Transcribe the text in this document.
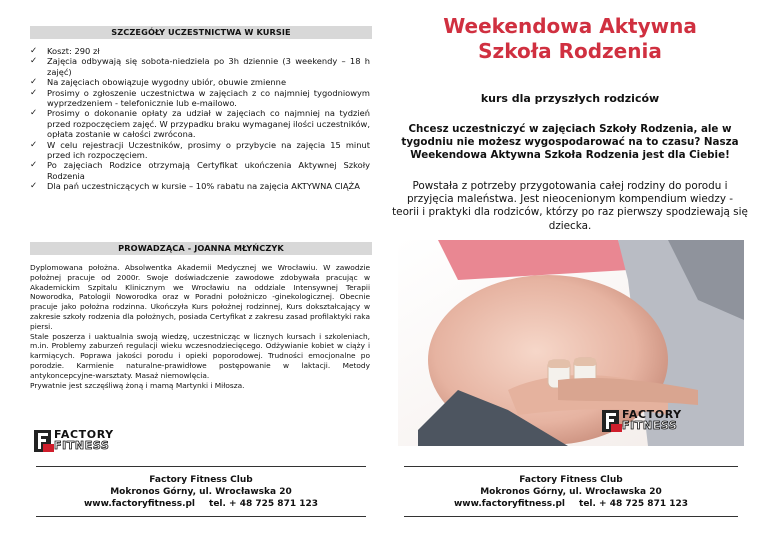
SZCZEGÓŁY UCZESTNICTWA W KURSIE
✓ Koszt: 290 zł
✓ Zajęcia odbywają się sobota-niedziela po 3h dziennie (3 weekendy – 18 h zajęć)
✓ Na zajęciach obowiązuje wygodny ubiór, obuwie zmienne
✓ Prosimy o zgłoszenie uczestnictwa w zajęciach z co najmniej tygodniowym wyprzedzeniem - telefonicznie lub e-mailowo.
✓ Prosimy o dokonanie opłaty za udział w zajęciach co najmniej na tydzień przed rozpoczęciem zajęć. W przypadku braku wymaganej ilości uczestników, opłata zostanie w całości zwrócona.
✓ W celu rejestracji Uczestników, prosimy o przybycie na zajęcia 15 minut przed ich rozpoczęciem.
✓ Po zajęciach Rodzice otrzymają Certyfikat ukończenia Aktywnej Szkoły Rodzenia
✓ Dla pań uczestniczących w kursie – 10% rabatu na zajęcia AKTYWNA CIĄŻA
PROWADZĄCA - JOANNA MŁYŃCZYK

Dyplomowana położna. Absolwentka Akademii Medycznej we Wrocławiu. W zawodzie położnej pracuje od 2000r. Swoje doświadczenie zawodowe zdobywała pracując w Akademickim Szpitalu Klinicznym we Wrocławiu na oddziale Intensywnej Terapii Noworodka, Patologii Noworodka oraz w Poradni położniczo -ginekologicznej. Obecnie pracuje jako położna rodzinna. Ukończyła Kurs położnej rodzinnej, Kurs dokształcający w zakresie szkoły rodzenia dla położnych, posiada Certyfikat z zakresu zasad profilaktyki raka piersi.

Stale poszerza i uaktualnia swoją wiedzę, uczestnicząc w licznych kursach i szkoleniach, m.in. Problemy zaburzeń regulacji wieku wczesnodziecięcego. Odżywianie kobiet w ciąży i karmiących. Poprawa jakości porodu i opieki poporodowej. Trudności emocjonalne po porodzie. Karmienie naturalne-prawidłowe postępowanie w laktacji. Metody antykoncepcyjne-warsztaty. Masaż niemowlęcia.

Prywatnie jest szczęśliwą żoną i mamą Martynki i Miłosza.

FACTORY
FITNESS
Factory Fitness Club
Mokronos Górny, ul. Wrocławska 20
www.factoryfitness.pl tel. + 48 725 871 123
Weekendowa Aktywna
Szkoła Rodzenia
kurs dla przyszłych rodziców
Chcesz uczestniczyć w zajęciach Szkoły Rodzenia, ale w tygodniu nie możesz wygospodarować na to czasu? Nasza Weekendowa Aktywna Szkoła Rodzenia jest dla Ciebie!
Powstała z potrzeby przygotowania całej rodziny do porodu i przyjęcia maleństwa. Jest nieocenionym kompendium wiedzy - teorii i praktyki dla rodziców, którzy po raz pierwszy spodziewają się dziecka.
FACTORY
FITNESS
Factory Fitness Club
Mokronos Górny, ul. Wrocławska 20
www.factoryfitness.pl tel. + 48 725 871 123
